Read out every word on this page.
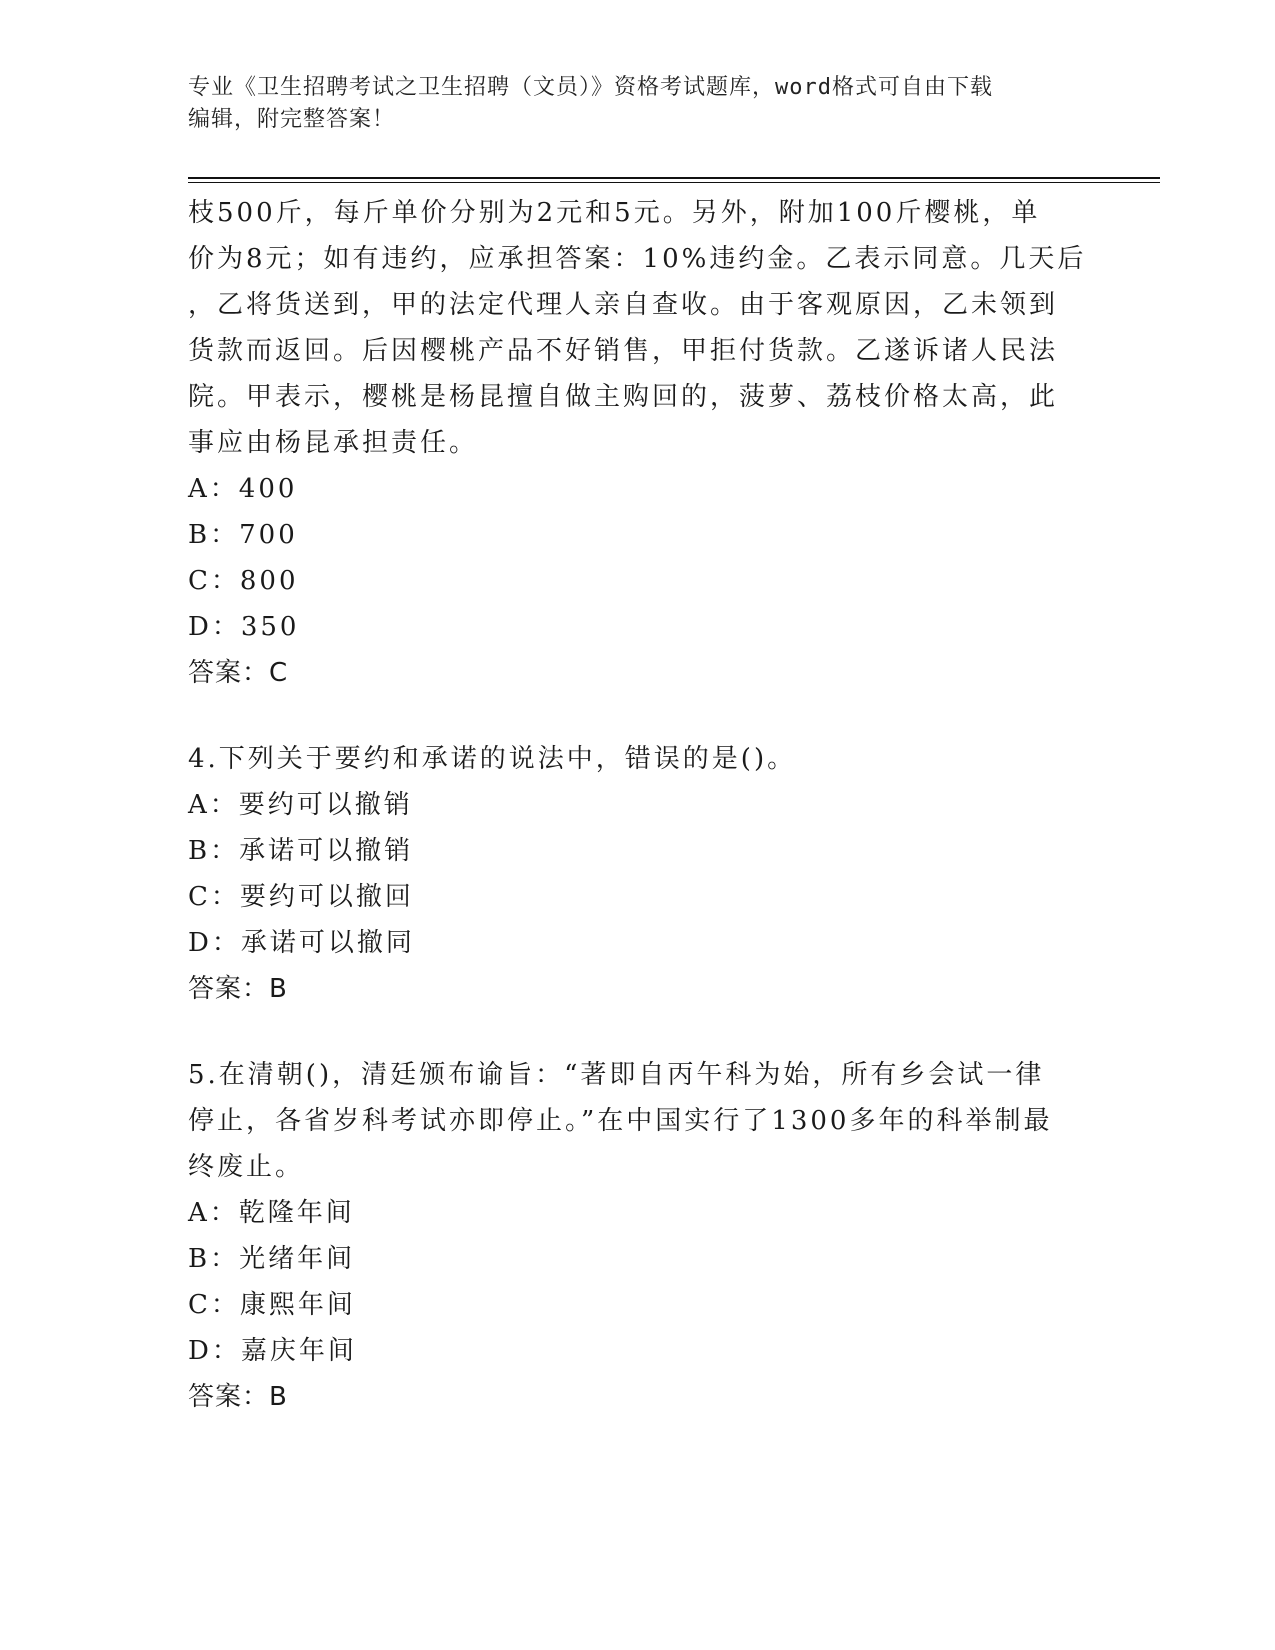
专业《卫生招聘考试之卫生招聘（文员）》资格考试题库，word格式可自由下载
编辑，附完整答案！
枝500斤，每斤单价分别为2元和5元。另外，附加100斤樱桃，单
价为8元；如有违约，应承担答案：10%违约金。乙表示同意。几天后
，乙将货送到，甲的法定代理人亲自查收。由于客观原因，乙未领到
货款而返回。后因樱桃产品不好销售，甲拒付货款。乙遂诉诸人民法
院。甲表示，樱桃是杨昆擅自做主购回的，菠萝、荔枝价格太高，此
事应由杨昆承担责任。
A：400
B：700
C：800
D：350
答案：C
4.下列关于要约和承诺的说法中，错误的是()。
A：要约可以撤销
B：承诺可以撤销
C：要约可以撤回
D：承诺可以撤同
答案：B
5.在清朝()，清廷颁布谕旨：“著即自丙午科为始，所有乡会试一律
停止，各省岁科考试亦即停止。”在中国实行了1300多年的科举制最
终废止。
A：乾隆年间
B：光绪年间
C：康熙年间
D：嘉庆年间
答案：B
